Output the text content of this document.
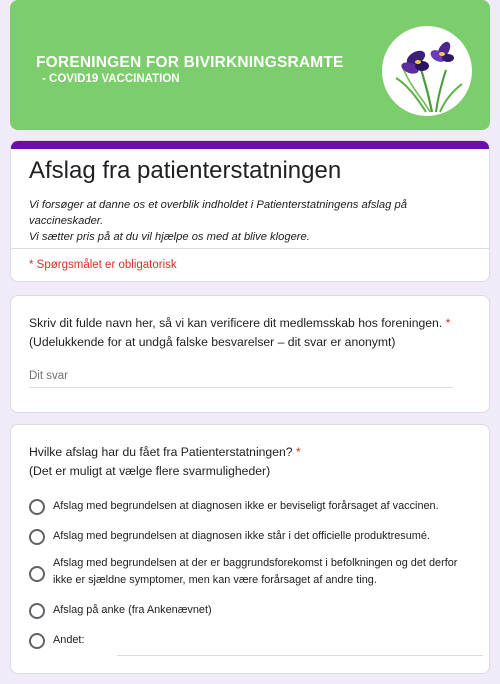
FORENINGEN FOR BIVIRKNINGSRAMTE
- COVID19 VACCINATION
Afslag fra patienterstatningen
Vi forsøger at danne os et overblik indholdet i Patienterstatningens afslag på vaccineskader.
Vi sætter pris på at du vil hjælpe os med at blive klogere.
* Spørgsmålet er obligatorisk
Skriv dit fulde navn her, så vi kan verificere dit medlemsskab hos foreningen. *
(Udelukkende for at undgå falske besvarelser – dit svar er anonymt)
Dit svar
Hvilke afslag har du fået fra Patienterstatningen? *
(Det er muligt at vælge flere svarmuligheder)
Afslag med begrundelsen at diagnosen ikke er beviseligt forårsaget af vaccinen.
Afslag med begrundelsen at diagnosen ikke står i det officielle produktresumé.
Afslag med begrundelsen at der er baggrundsforekomst i befolkningen og det derfor ikke er sjældne symptomer, men kan være forårsaget af andre ting.
Afslag på anke (fra Ankenævnet)
Andet:
